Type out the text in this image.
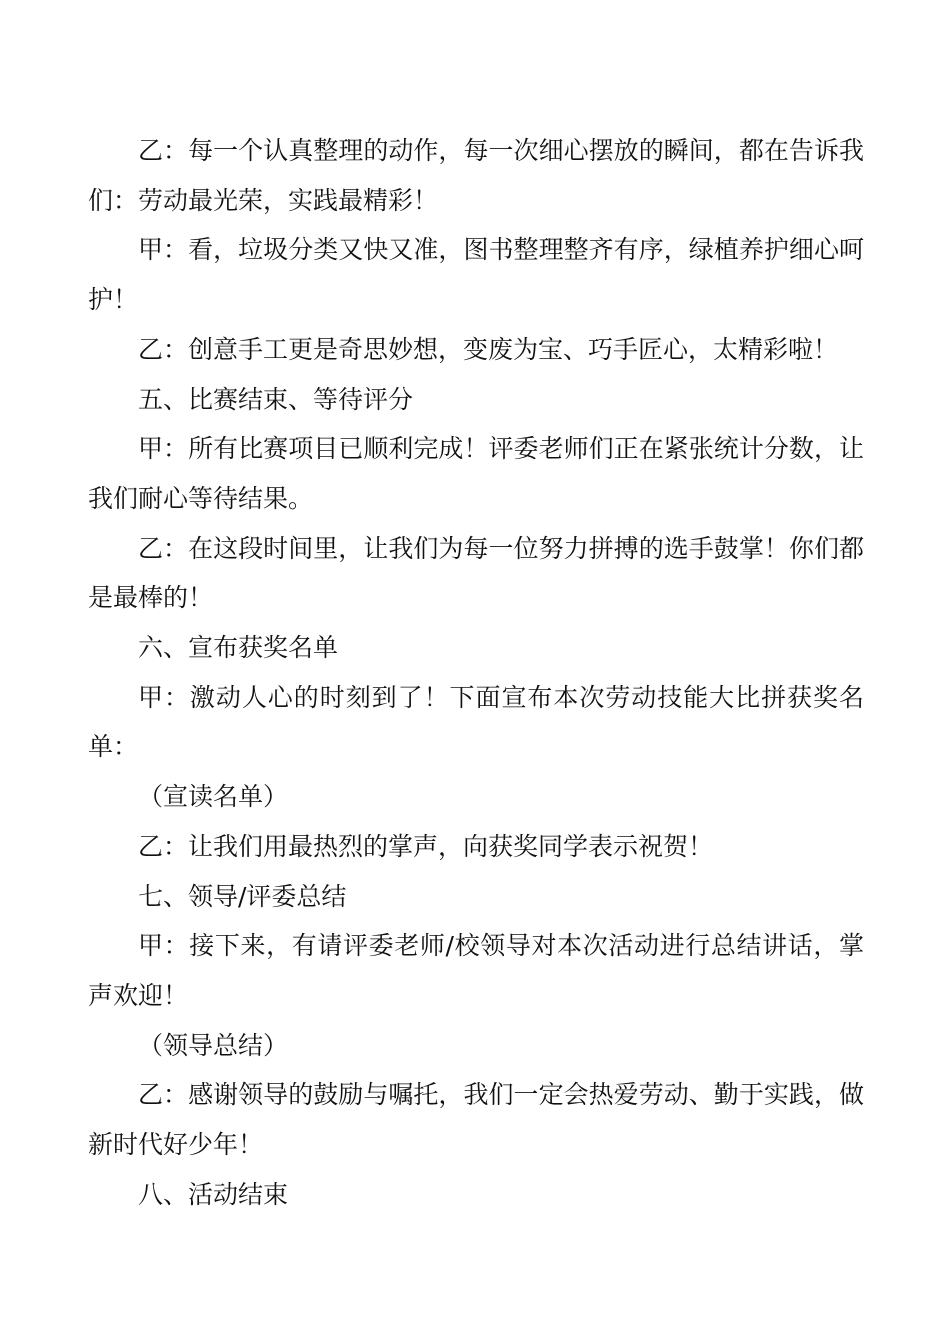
乙：每一个认真整理的动作，每一次细心摆放的瞬间，都在告诉我们：劳动最光荣，实践最精彩！

甲：看，垃圾分类又快又准，图书整理整齐有序，绿植养护细心呵护！

乙：创意手工更是奇思妙想，变废为宝、巧手匠心，太精彩啦！

五、比赛结束、等待评分

甲：所有比赛项目已顺利完成！评委老师们正在紧张统计分数，让我们耐心等待结果。

乙：在这段时间里，让我们为每一位努力拼搏的选手鼓掌！你们都是最棒的！

六、宣布获奖名单

甲：激动人心的时刻到了！下面宣布本次劳动技能大比拼获奖名单：

（宣读名单）

乙：让我们用最热烈的掌声，向获奖同学表示祝贺！

七、领导/评委总结

甲：接下来，有请评委老师/校领导对本次活动进行总结讲话，掌声欢迎！

（领导总结）

乙：感谢领导的鼓励与嘱托，我们一定会热爱劳动、勤于实践，做新时代好少年！

八、活动结束
